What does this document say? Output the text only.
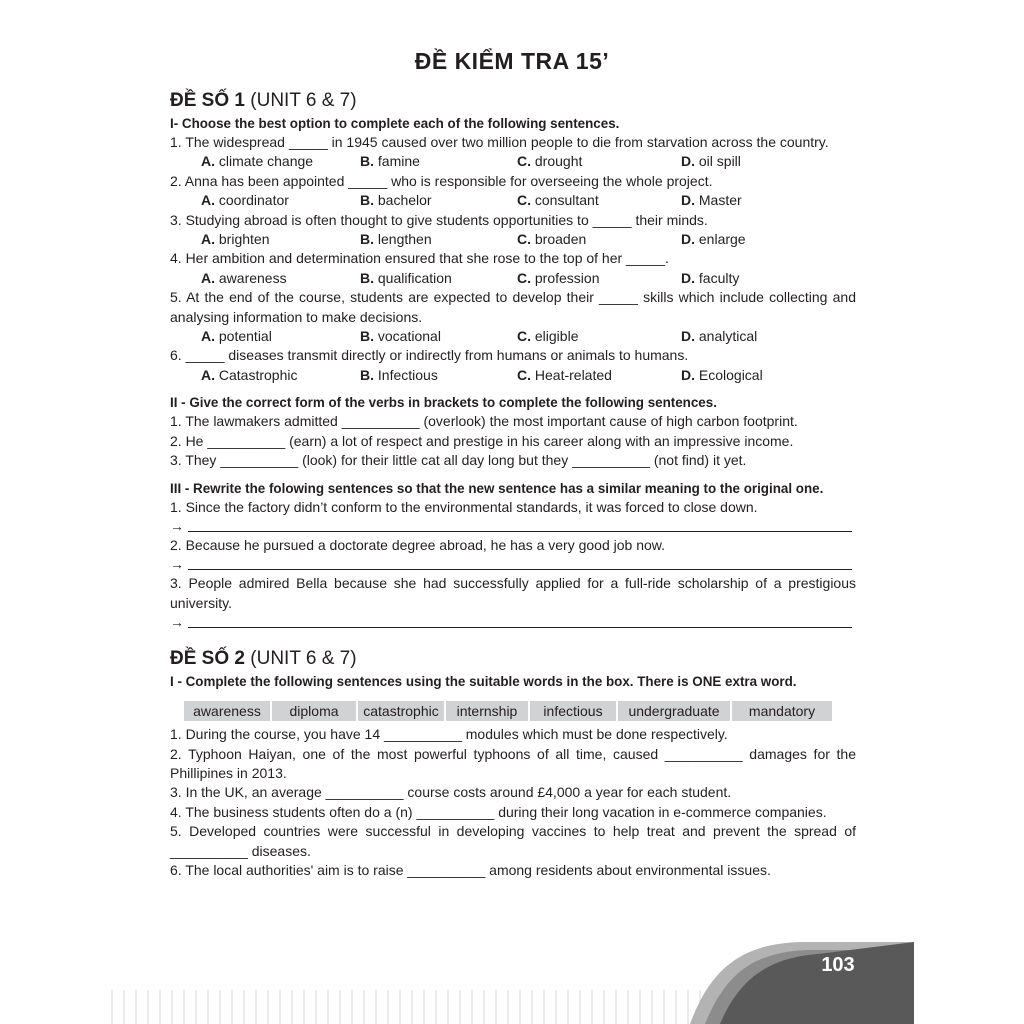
ĐỀ KIỂM TRA 15’
ĐỀ SỐ 1 (UNIT 6 & 7)
I- Choose the best option to complete each of the following sentences.
1. The widespread _____ in 1945 caused over two million people to die from starvation across the country.
A. climate change	B. famine	C. drought	D. oil spill
2. Anna has been appointed _____ who is responsible for overseeing the whole project.
A. coordinator	B. bachelor	C. consultant	D. Master
3. Studying abroad is often thought to give students opportunities to _____ their minds.
A. brighten	B. lengthen	C. broaden	D. enlarge
4. Her ambition and determination ensured that she rose to the top of her _____.
A. awareness	B. qualification	C. profession	D. faculty
5. At the end of the course, students are expected to develop their _____ skills which include collecting and analysing information to make decisions.
A. potential	B. vocational	C. eligible	D. analytical
6. _____ diseases transmit directly or indirectly from humans or animals to humans.
A. Catastrophic	B. Infectious	C. Heat-related	D. Ecological
II - Give the correct form of the verbs in brackets to complete the following sentences.
1. The lawmakers admitted __________ (overlook) the most important cause of high carbon footprint.
2. He __________ (earn) a lot of respect and prestige in his career along with an impressive income.
3. They __________ (look) for their little cat all day long but they __________ (not find) it yet.
III - Rewrite the folowing sentences so that the new sentence has a similar meaning to the original one.
1. Since the factory didn’t conform to the environmental standards, it was forced to close down.
→
2. Because he pursued a doctorate degree abroad, he has a very good job now.
→
3. People admired Bella because she had successfully applied for a full-ride scholarship of a prestigious university.
→
ĐỀ SỐ 2 (UNIT 6 & 7)
I - Complete the following sentences using the suitable words in the box. There is ONE extra word.
awareness	diploma	catastrophic	internship	infectious	undergraduate	mandatory
1. During the course, you have 14 __________ modules which must be done respectively.
2. Typhoon Haiyan, one of the most powerful typhoons of all time, caused __________ damages for the Phillipines in 2013.
3. In the UK, an average __________ course costs around £4,000 a year for each student.
4. The business students often do a (n) __________ during their long vacation in e-commerce companies.
5. Developed countries were successful in developing vaccines to help treat and prevent the spread of __________ diseases.
6. The local authorities' aim is to raise __________ among residents about environmental issues.
103
